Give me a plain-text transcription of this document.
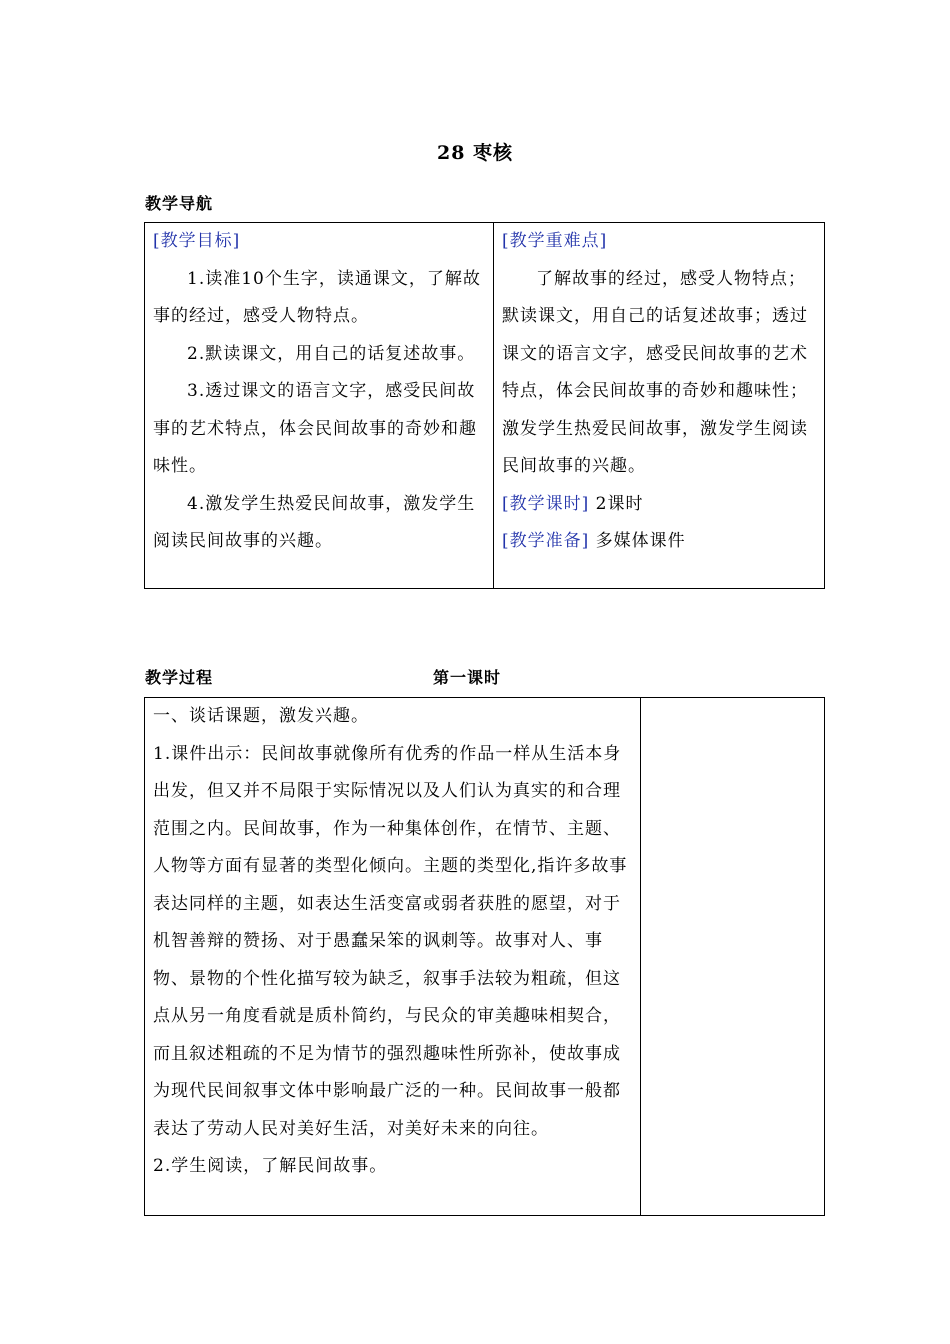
28 枣核
教学导航

[教学目标]

1.读准10个生字，读通课文，了解故事的经过，感受人物特点。

2.默读课文，用自己的话复述故事。

3.透过课文的语言文字，感受民间故事的艺术特点，体会民间故事的奇妙和趣味性。

4.激发学生热爱民间故事，激发学生阅读民间故事的兴趣。

[教学重难点]

了解故事的经过，感受人物特点；默读课文，用自己的话复述故事；透过课文的语言文字，感受民间故事的艺术特点，体会民间故事的奇妙和趣味性；激发学生热爱民间故事，激发学生阅读民间故事的兴趣。

[教学课时] 2课时

[教学准备] 多媒体课件

教学过程	第一课时

一、谈话课题，激发兴趣。

1.课件出示：民间故事就像所有优秀的作品一样从生活本身出发，但又并不局限于实际情况以及人们认为真实的和合理范围之内。民间故事，作为一种集体创作，在情节、主题、人物等方面有显著的类型化倾向。主题的类型化,指许多故事表达同样的主题，如表达生活变富或弱者获胜的愿望，对于机智善辩的赞扬、对于愚蠢呆笨的讽刺等。故事对人、事物、景物的个性化描写较为缺乏，叙事手法较为粗疏，但这点从另一角度看就是质朴简约，与民众的审美趣味相契合，而且叙述粗疏的不足为情节的强烈趣味性所弥补，使故事成为现代民间叙事文体中影响最广泛的一种。民间故事一般都表达了劳动人民对美好生活，对美好未来的向往。

2.学生阅读，了解民间故事。
